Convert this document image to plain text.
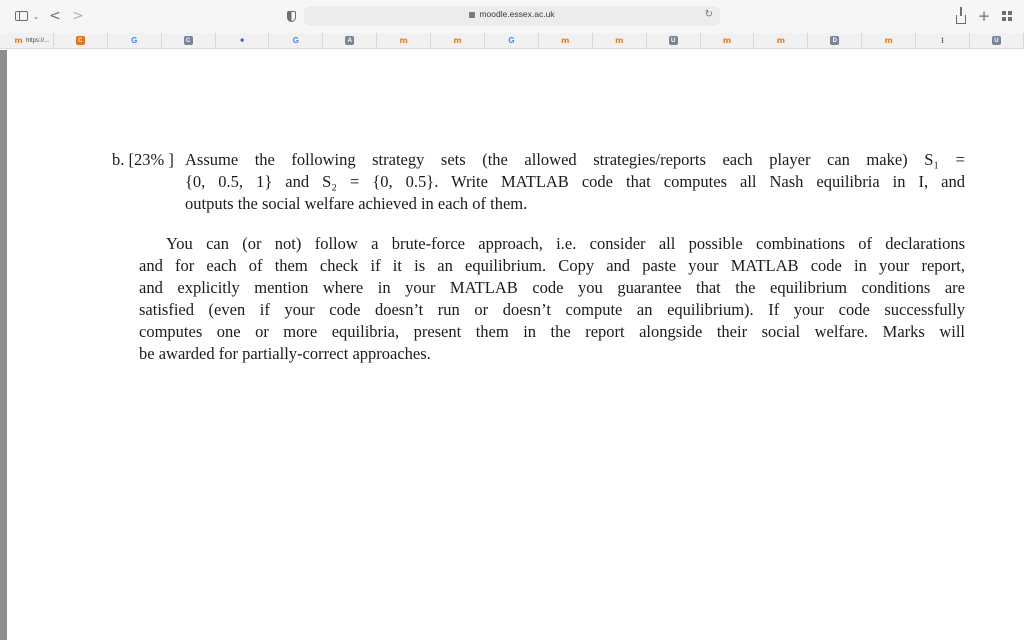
⌄ < >	moodle.essex.ac.uk	↻	+
m https://...	C	G	C	■	G	A	m	m	G	m	m	U	m	m	D	m	⁝	U
b. [23% ] Assume the following strategy sets (the allowed strategies/reports each player can make) S₁ =
{0, 0.5, 1} and S₂ = {0, 0.5}. Write MATLAB code that computes all Nash equilibria in I, and
outputs the social welfare achieved in each of them.
You can (or not) follow a brute-force approach, i.e. consider all possible combinations of declarations
and for each of them check if it is an equilibrium. Copy and paste your MATLAB code in your report,
and explicitly mention where in your MATLAB code you guarantee that the equilibrium conditions are
satisfied (even if your code doesn’t run or doesn’t compute an equilibrium). If your code successfully
computes one or more equilibria, present them in the report alongside their social welfare. Marks will
be awarded for partially-correct approaches.
